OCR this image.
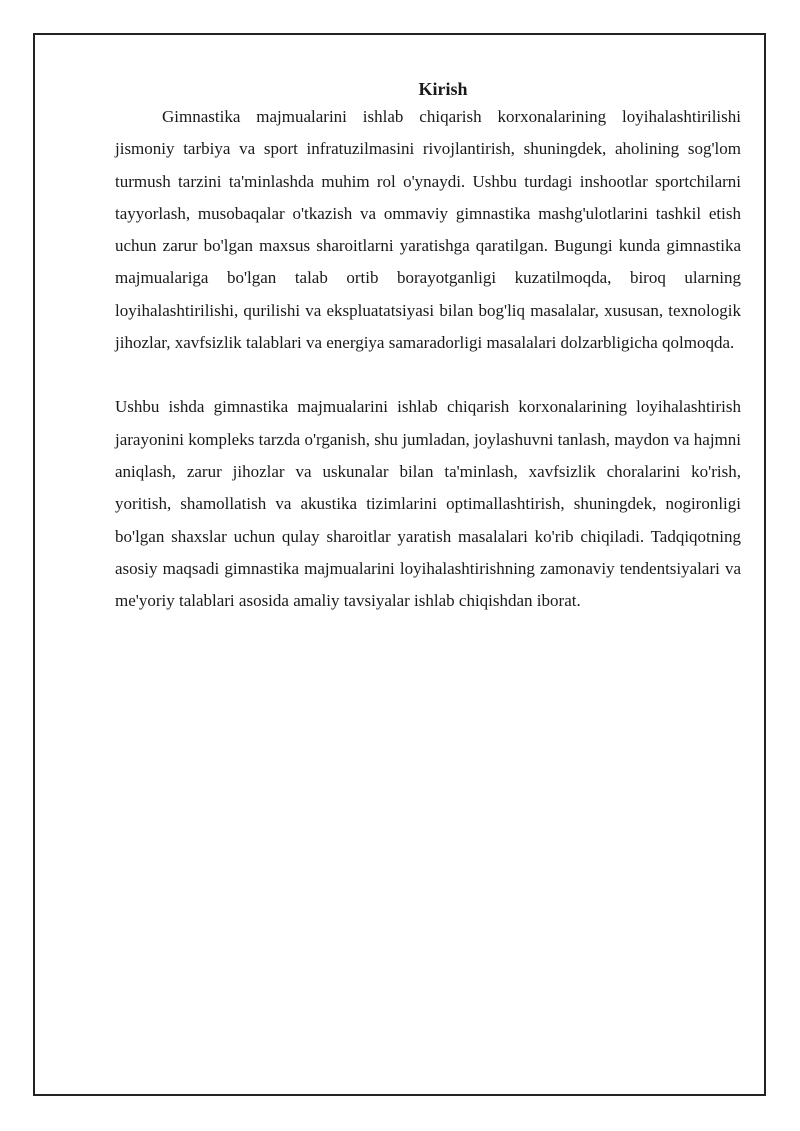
Kirish

Gimnastika majmualarini ishlab chiqarish korxonalarining loyihalashtirilishi jismoniy tarbiya va sport infratuzilmasini rivojlantirish, shuningdek, aholining sog'lom turmush tarzini ta'minlashda muhim rol o'ynaydi. Ushbu turdagi inshootlar sportchilarni tayyorlash, musobaqalar o'tkazish va ommaviy gimnastika mashg'ulotlarini tashkil etish uchun zarur bo'lgan maxsus sharoitlarni yaratishga qaratilgan. Bugungi kunda gimnastika majmualariga bo'lgan talab ortib borayotganligi kuzatilmoqda, biroq ularning loyihalashtirilishi, qurilishi va ekspluatatsiyasi bilan bog'liq masalalar, xususan, texnologik jihozlar, xavfsizlik talablari va energiya samaradorligi masalalari dolzarbligicha qolmoqda.

Ushbu ishda gimnastika majmualarini ishlab chiqarish korxonalarining loyihalashtirish jarayonini kompleks tarzda o'rganish, shu jumladan, joylashuvni tanlash, maydon va hajmni aniqlash, zarur jihozlar va uskunalar bilan ta'minlash, xavfsizlik choralarini ko'rish, yoritish, shamollatish va akustika tizimlarini optimallashtirish, shuningdek, nogironligi bo'lgan shaxslar uchun qulay sharoitlar yaratish masalalari ko'rib chiqiladi. Tadqiqotning asosiy maqsadi gimnastika majmualarini loyihalashtirishning zamonaviy tendentsiyalari va me'yoriy talablari asosida amaliy tavsiyalar ishlab chiqishdan iborat.
